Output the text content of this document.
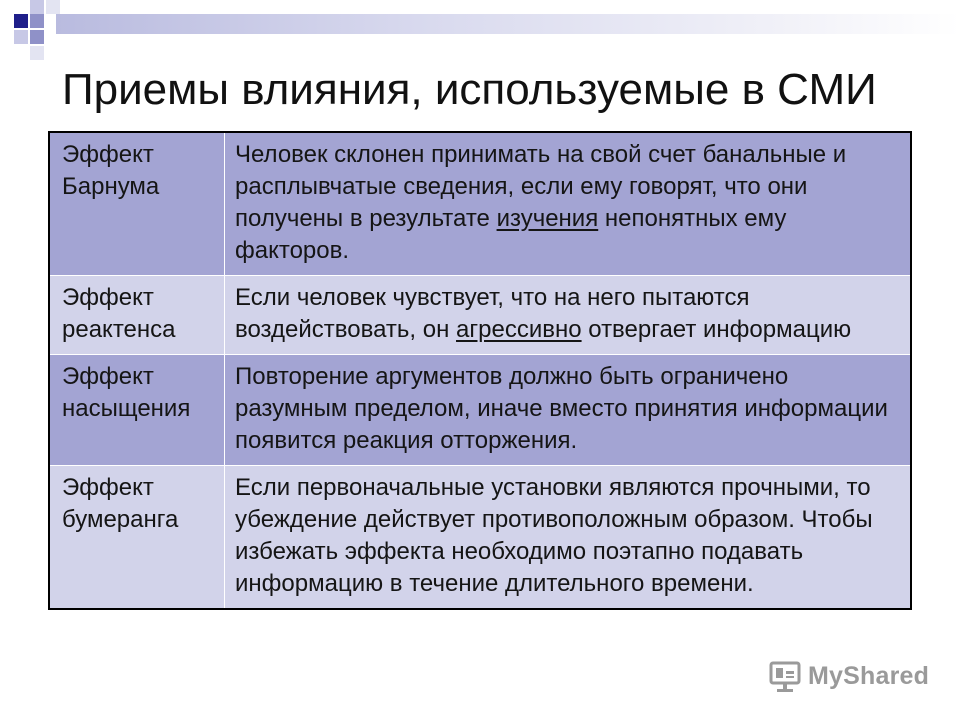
Приемы влияния, используемые в СМИ
Эффект Барнума	Человек склонен принимать на свой счет банальные и расплывчатые сведения, если ему говорят, что они получены в результате изучения непонятных ему факторов.
Эффект реактенса	Если человек чувствует, что на него пытаются воздействовать, он агрессивно отвергает информацию
Эффект насыщения	Повторение аргументов должно быть ограничено разумным пределом, иначе вместо принятия информации появится реакция отторжения.
Эффект бумеранга	Если первоначальные установки являются прочными, то убеждение действует противоположным образом. Чтобы избежать эффекта необходимо поэтапно подавать информацию в течение длительного времени.
MyShared
